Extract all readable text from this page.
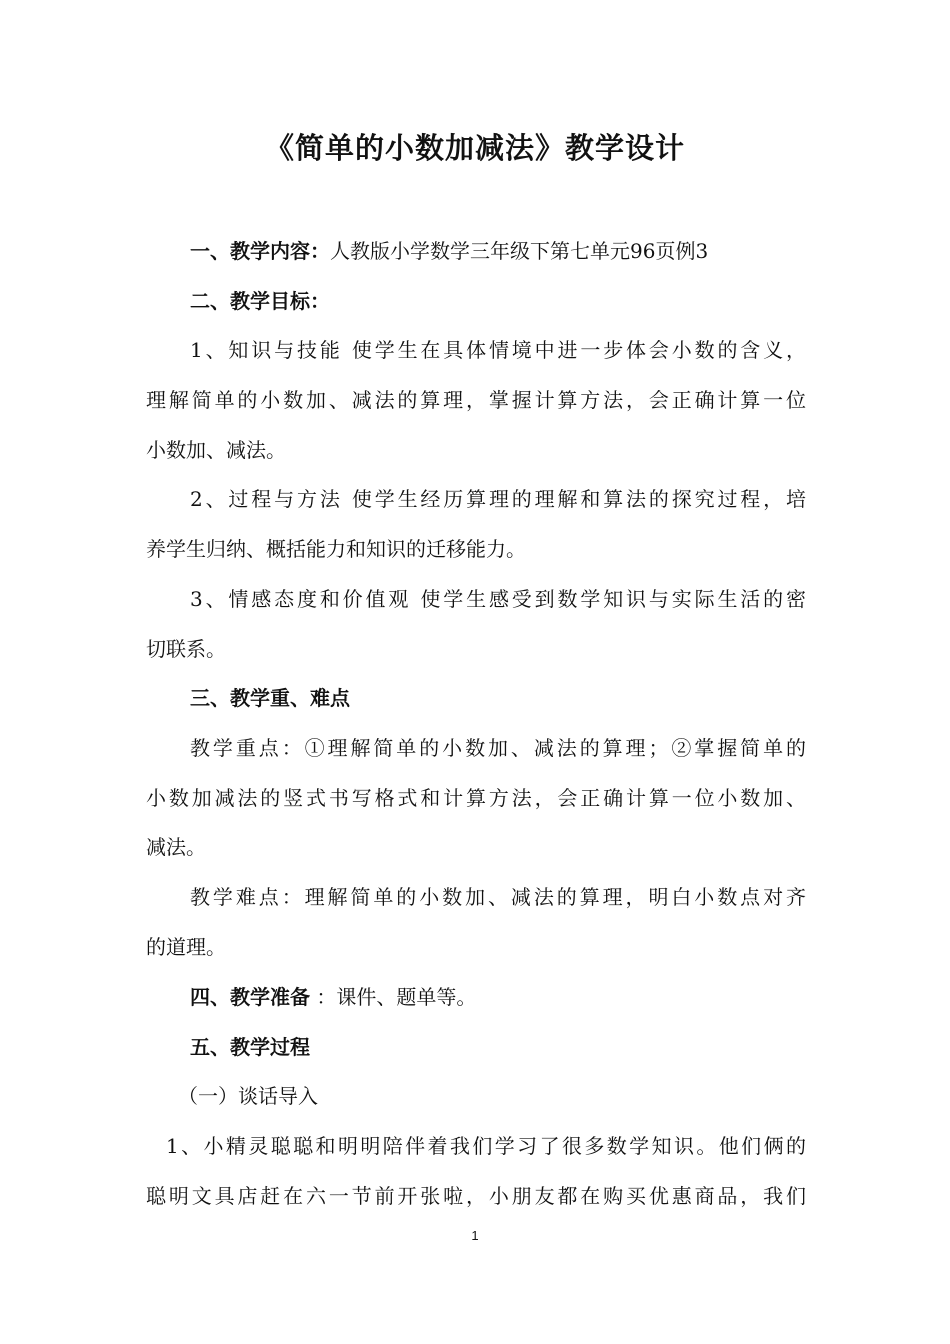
《简单的小数加减法》教学设计
一、教学内容：人教版小学数学三年级下第七单元96页例3
二、教学目标：
1、知识与技能 使学生在具体情境中进一步体会小数的含义，
理解简单的小数加、减法的算理，掌握计算方法，会正确计算一位
小数加、减法。
2、过程与方法 使学生经历算理的理解和算法的探究过程，培
养学生归纳、概括能力和知识的迁移能力。
3、情感态度和价值观 使学生感受到数学知识与实际生活的密
切联系。
三、教学重、难点
教学重点：①理解简单的小数加、减法的算理；②掌握简单的
小数加减法的竖式书写格式和计算方法，会正确计算一位小数加、
减法。
教学难点：理解简单的小数加、减法的算理，明白小数点对齐
的道理。
四、教学准备 ：课件、题单等。
五、教学过程
（一）谈话导入
1、小精灵聪聪和明明陪伴着我们学习了很多数学知识。他们俩的
聪明文具店赶在六一节前开张啦，小朋友都在购买优惠商品，我们
1
